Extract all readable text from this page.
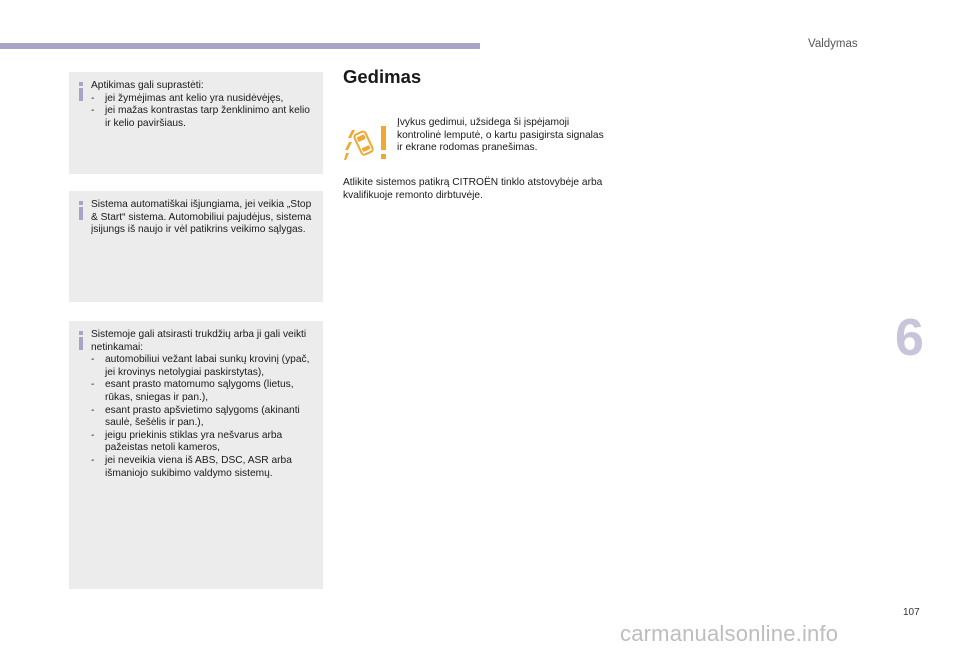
Valdymas
6
107
carmanualsonline.info

Aptikimas gali suprastėti:

- jei žymėjimas ant kelio yra nusidėvėjęs,
- jei mažas kontrastas tarp ženklinimo ant kelio ir kelio paviršiaus.

Sistema automatiškai išjungiama, jei veikia „Stop & Start“ sistema. Automobiliui pajudėjus, sistema įsijungs iš naujo ir vėl patikrins veikimo sąlygas.

Sistemoje gali atsirasti trukdžių arba ji gali veikti netinkamai:

- automobiliui vežant labai sunkų krovinį (ypač, jei krovinys netolygiai paskirstytas),
- esant prasto matomumo sąlygoms (lietus, rūkas, sniegas ir pan.),
- esant prasto apšvietimo sąlygoms (akinanti saulė, šešėlis ir pan.),
- jeigu priekinis stiklas yra nešvarus arba pažeistas netoli kameros,
- jei neveikia viena iš ABS, DSC, ASR arba išmaniojo sukibimo valdymo sistemų.
Gedimas

Įvykus gedimui, užsidega ši įspėjamoji kontrolinė lemputė, o kartu pasigirsta signalas ir ekrane rodomas pranešimas.

Atlikite sistemos patikrą CITROËN tinklo atstovybėje arba kvalifikuoje remonto dirbtuvėje.
